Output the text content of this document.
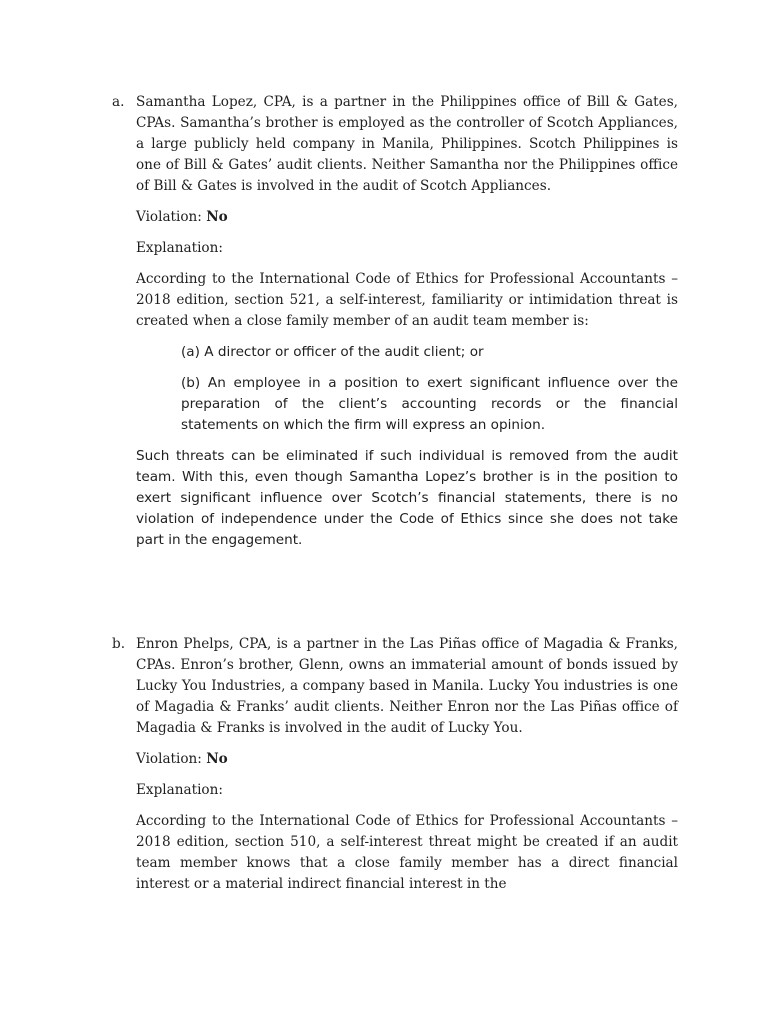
a. Samantha Lopez, CPA, is a partner in the Philippines office of Bill & Gates, CPAs. Samantha’s brother is employed as the controller of Scotch Appliances, a large publicly held company in Manila, Philippines. Scotch Philippines is one of Bill & Gates’ audit clients. Neither Samantha nor the Philippines office of Bill & Gates is involved in the audit of Scotch Appliances.

Violation: No

Explanation:

According to the International Code of Ethics for Professional Accountants – 2018 edition, section 521, a self-interest, familiarity or intimidation threat is created when a close family member of an audit team member is:

(a) A director or officer of the audit client; or

(b) An employee in a position to exert significant influence over the preparation of the client’s accounting records or the financial statements on which the firm will express an opinion.

Such threats can be eliminated if such individual is removed from the audit team. With this, even though Samantha Lopez’s brother is in the position to exert significant influence over Scotch’s financial statements, there is no violation of independence under the Code of Ethics since she does not take part in the engagement.

b. Enron Phelps, CPA, is a partner in the Las Piñas office of Magadia & Franks, CPAs. Enron’s brother, Glenn, owns an immaterial amount of bonds issued by Lucky You Industries, a company based in Manila. Lucky You industries is one of Magadia & Franks’ audit clients. Neither Enron nor the Las Piñas office of Magadia & Franks is involved in the audit of Lucky You.

Violation: No

Explanation:

According to the International Code of Ethics for Professional Accountants – 2018 edition, section 510, a self-interest threat might be created if an audit team member knows that a close family member has a direct financial interest or a material indirect financial interest in the
